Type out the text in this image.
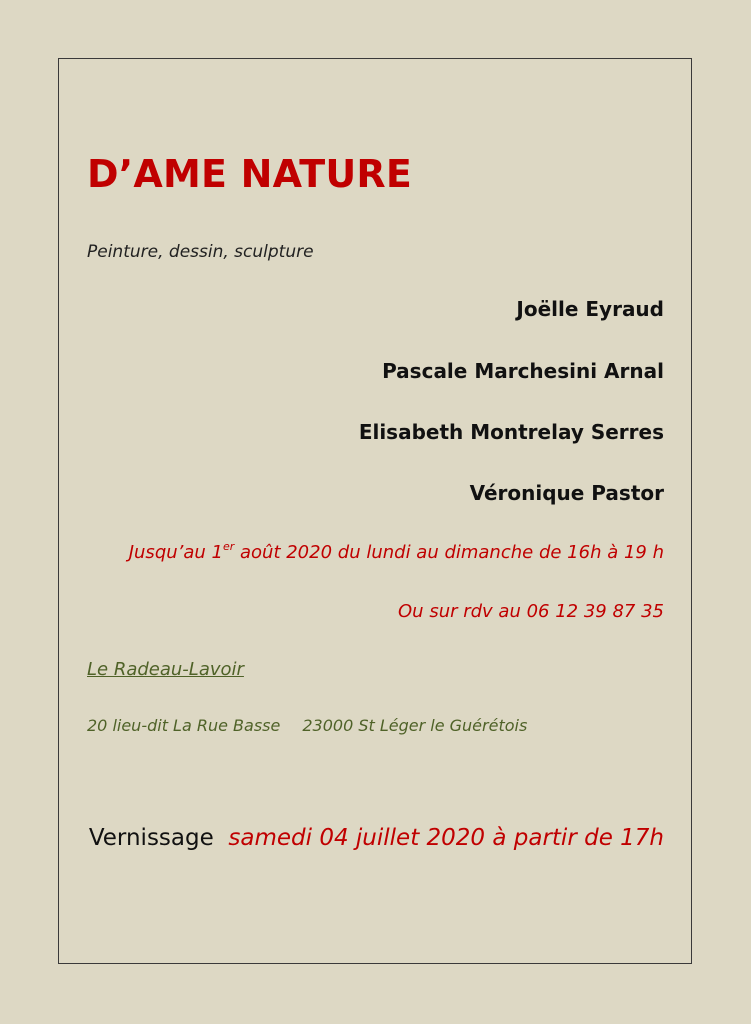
D’AME NATURE

Peinture, dessin, sculpture

Joëlle Eyraud

Pascale Marchesini Arnal

Elisabeth Montrelay Serres

Véronique Pastor

Jusqu’au 1er août 2020 du lundi au dimanche de 16h à 19 h

Ou sur rdv au 06 12 39 87 35

Le Radeau-Lavoir

20 lieu-dit La Rue Basse 23000 St Léger le Guérétois

Vernissage samedi 04 juillet 2020 à partir de 17h
